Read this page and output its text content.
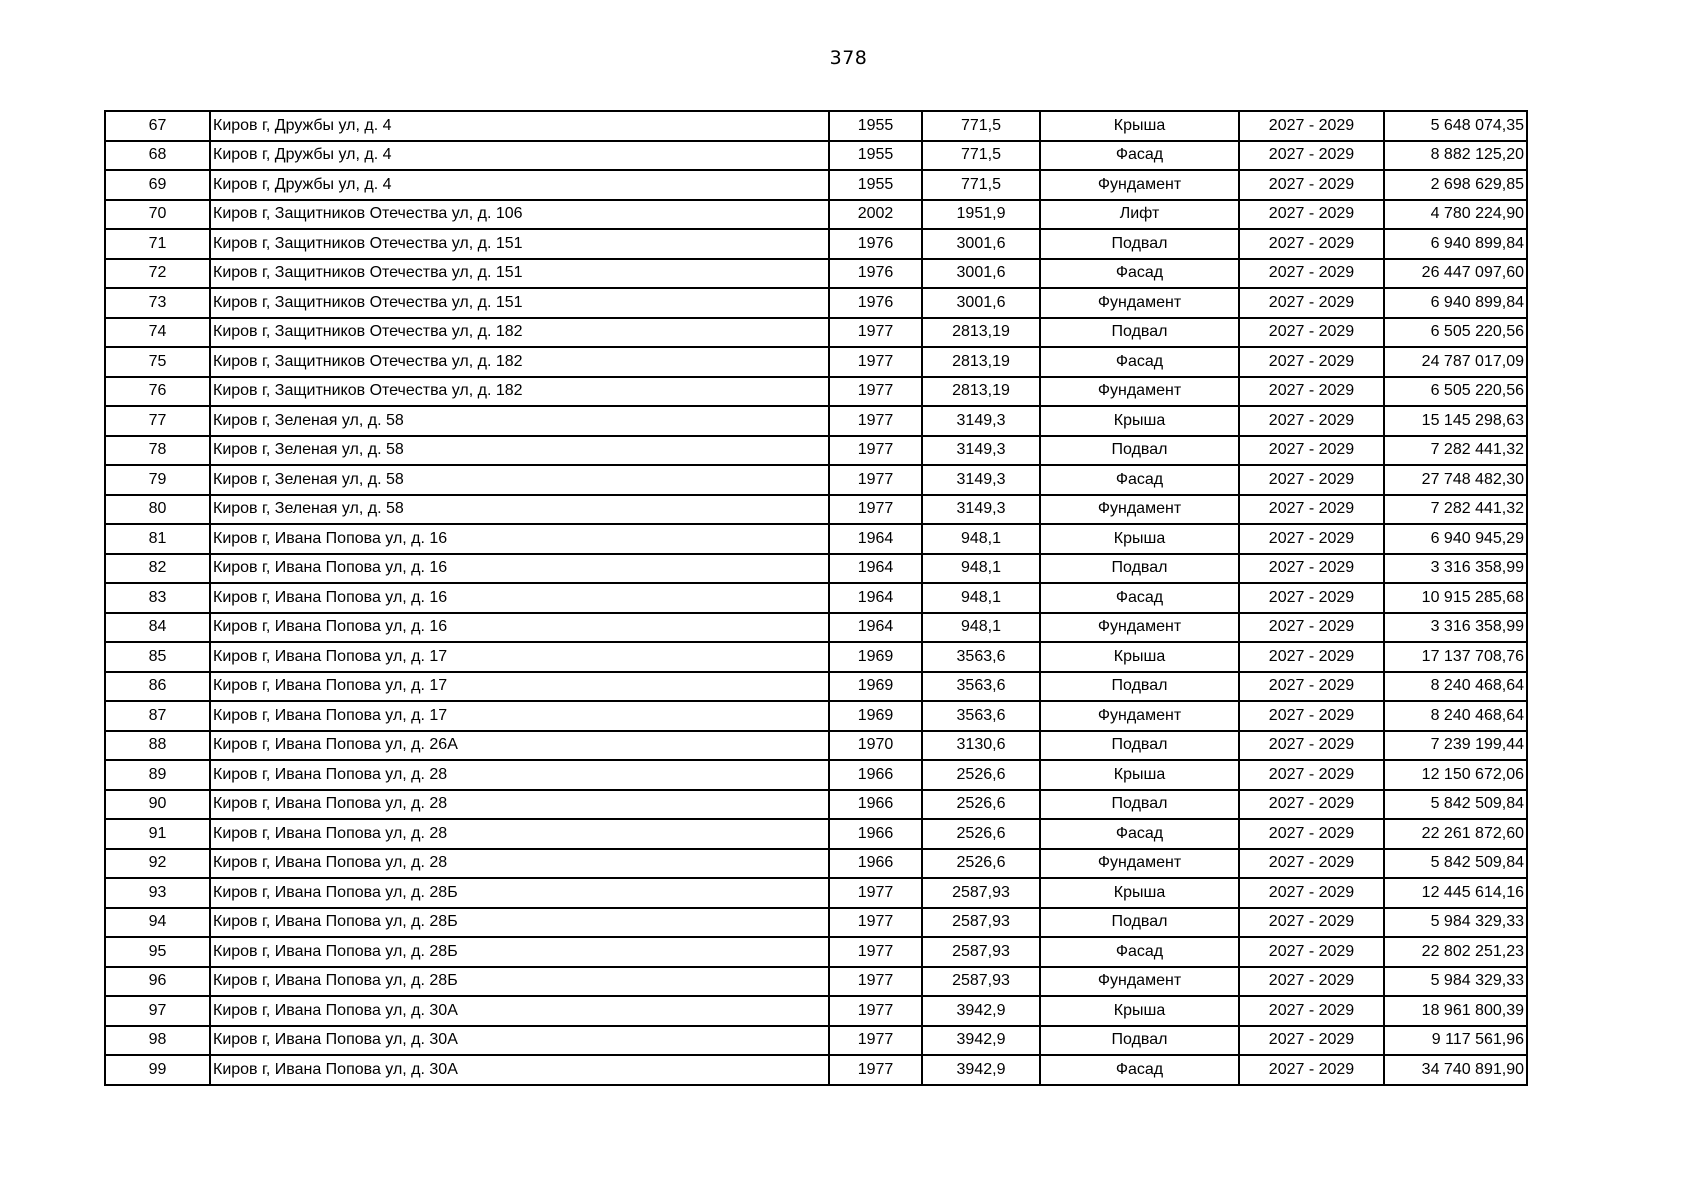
378
67	Киров г, Дружбы ул, д. 4	1955	771,5	Крыша	2027 - 2029	5 648 074,35
68	Киров г, Дружбы ул, д. 4	1955	771,5	Фасад	2027 - 2029	8 882 125,20
69	Киров г, Дружбы ул, д. 4	1955	771,5	Фундамент	2027 - 2029	2 698 629,85
70	Киров г, Защитников Отечества ул, д. 106	2002	1951,9	Лифт	2027 - 2029	4 780 224,90
71	Киров г, Защитников Отечества ул, д. 151	1976	3001,6	Подвал	2027 - 2029	6 940 899,84
72	Киров г, Защитников Отечества ул, д. 151	1976	3001,6	Фасад	2027 - 2029	26 447 097,60
73	Киров г, Защитников Отечества ул, д. 151	1976	3001,6	Фундамент	2027 - 2029	6 940 899,84
74	Киров г, Защитников Отечества ул, д. 182	1977	2813,19	Подвал	2027 - 2029	6 505 220,56
75	Киров г, Защитников Отечества ул, д. 182	1977	2813,19	Фасад	2027 - 2029	24 787 017,09
76	Киров г, Защитников Отечества ул, д. 182	1977	2813,19	Фундамент	2027 - 2029	6 505 220,56
77	Киров г, Зеленая ул, д. 58	1977	3149,3	Крыша	2027 - 2029	15 145 298,63
78	Киров г, Зеленая ул, д. 58	1977	3149,3	Подвал	2027 - 2029	7 282 441,32
79	Киров г, Зеленая ул, д. 58	1977	3149,3	Фасад	2027 - 2029	27 748 482,30
80	Киров г, Зеленая ул, д. 58	1977	3149,3	Фундамент	2027 - 2029	7 282 441,32
81	Киров г, Ивана Попова ул, д. 16	1964	948,1	Крыша	2027 - 2029	6 940 945,29
82	Киров г, Ивана Попова ул, д. 16	1964	948,1	Подвал	2027 - 2029	3 316 358,99
83	Киров г, Ивана Попова ул, д. 16	1964	948,1	Фасад	2027 - 2029	10 915 285,68
84	Киров г, Ивана Попова ул, д. 16	1964	948,1	Фундамент	2027 - 2029	3 316 358,99
85	Киров г, Ивана Попова ул, д. 17	1969	3563,6	Крыша	2027 - 2029	17 137 708,76
86	Киров г, Ивана Попова ул, д. 17	1969	3563,6	Подвал	2027 - 2029	8 240 468,64
87	Киров г, Ивана Попова ул, д. 17	1969	3563,6	Фундамент	2027 - 2029	8 240 468,64
88	Киров г, Ивана Попова ул, д. 26А	1970	3130,6	Подвал	2027 - 2029	7 239 199,44
89	Киров г, Ивана Попова ул, д. 28	1966	2526,6	Крыша	2027 - 2029	12 150 672,06
90	Киров г, Ивана Попова ул, д. 28	1966	2526,6	Подвал	2027 - 2029	5 842 509,84
91	Киров г, Ивана Попова ул, д. 28	1966	2526,6	Фасад	2027 - 2029	22 261 872,60
92	Киров г, Ивана Попова ул, д. 28	1966	2526,6	Фундамент	2027 - 2029	5 842 509,84
93	Киров г, Ивана Попова ул, д. 28Б	1977	2587,93	Крыша	2027 - 2029	12 445 614,16
94	Киров г, Ивана Попова ул, д. 28Б	1977	2587,93	Подвал	2027 - 2029	5 984 329,33
95	Киров г, Ивана Попова ул, д. 28Б	1977	2587,93	Фасад	2027 - 2029	22 802 251,23
96	Киров г, Ивана Попова ул, д. 28Б	1977	2587,93	Фундамент	2027 - 2029	5 984 329,33
97	Киров г, Ивана Попова ул, д. 30А	1977	3942,9	Крыша	2027 - 2029	18 961 800,39
98	Киров г, Ивана Попова ул, д. 30А	1977	3942,9	Подвал	2027 - 2029	9 117 561,96
99	Киров г, Ивана Попова ул, д. 30А	1977	3942,9	Фасад	2027 - 2029	34 740 891,90
